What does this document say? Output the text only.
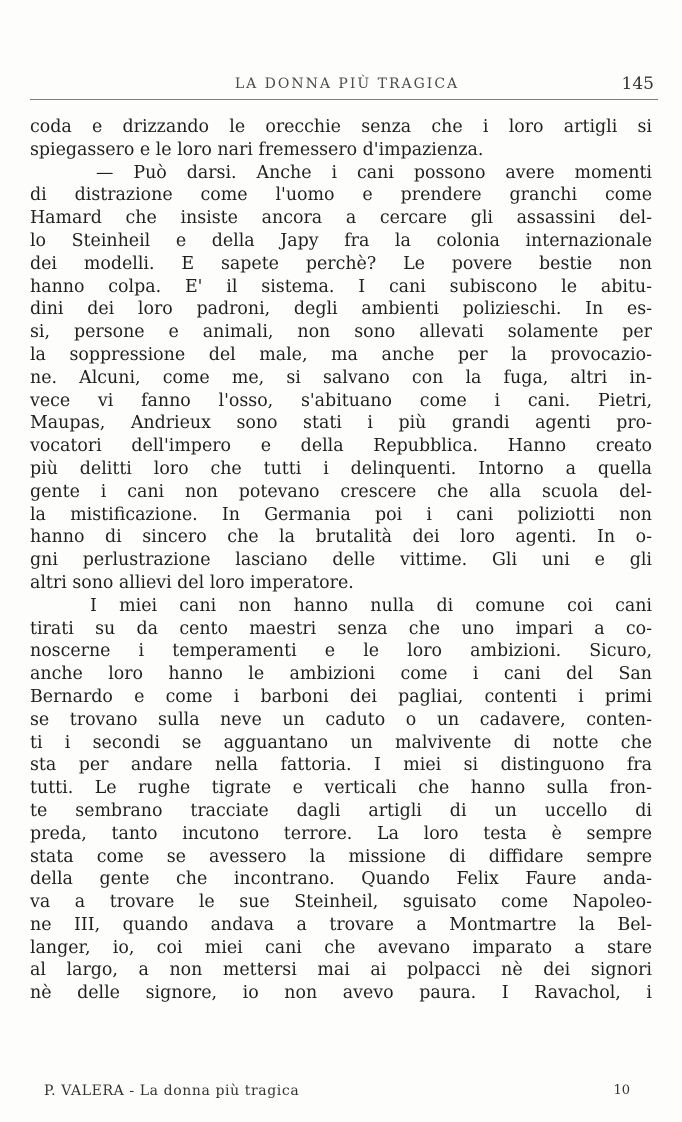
LA DONNA PIÙ TRAGICA	145
coda e drizzando le orecchie senza che i loro artigli si
spiegassero e le loro nari fremessero d'impazienza.
— Può darsi. Anche i cani possono avere momenti
di distrazione come l'uomo e prendere granchi come
Hamard che insiste ancora a cercare gli assassini del-
lo Steinheil e della Japy fra la colonia internazionale
dei modelli. E sapete perchè? Le povere bestie non
hanno colpa. E' il sistema. I cani subiscono le abitu-
dini dei loro padroni, degli ambienti polizieschi. In es-
si, persone e animali, non sono allevati solamente per
la soppressione del male, ma anche per la provocazio-
ne. Alcuni, come me, si salvano con la fuga, altri in-
vece vi fanno l'osso, s'abituano come i cani. Pietri,
Maupas, Andrieux sono stati i più grandi agenti pro-
vocatori dell'impero e della Repubblica. Hanno creato
più delitti loro che tutti i delinquenti. Intorno a quella
gente i cani non potevano crescere che alla scuola del-
la mistificazione. In Germania poi i cani poliziotti non
hanno di sincero che la brutalità dei loro agenti. In o-
gni perlustrazione lasciano delle vittime. Gli uni e gli
altri sono allievi del loro imperatore.
I miei cani non hanno nulla di comune coi cani
tirati su da cento maestri senza che uno impari a co-
noscerne i temperamenti e le loro ambizioni. Sicuro,
anche loro hanno le ambizioni come i cani del San
Bernardo e come i barboni dei pagliai, contenti i primi
se trovano sulla neve un caduto o un cadavere, conten-
ti i secondi se agguantano un malvivente di notte che
sta per andare nella fattoria. I miei si distinguono fra
tutti. Le rughe tigrate e verticali che hanno sulla fron-
te sembrano tracciate dagli artigli di un uccello di
preda, tanto incutono terrore. La loro testa è sempre
stata come se avessero la missione di diffidare sempre
della gente che incontrano. Quando Felix Faure anda-
va a trovare le sue Steinheil, sguisato come Napoleo-
ne III, quando andava a trovare a Montmartre la Bel-
langer, io, coi miei cani che avevano imparato a stare
al largo, a non mettersi mai ai polpacci nè dei signori
nè delle signore, io non avevo paura. I Ravachol, i
P. VALERA - La donna più tragica	10
